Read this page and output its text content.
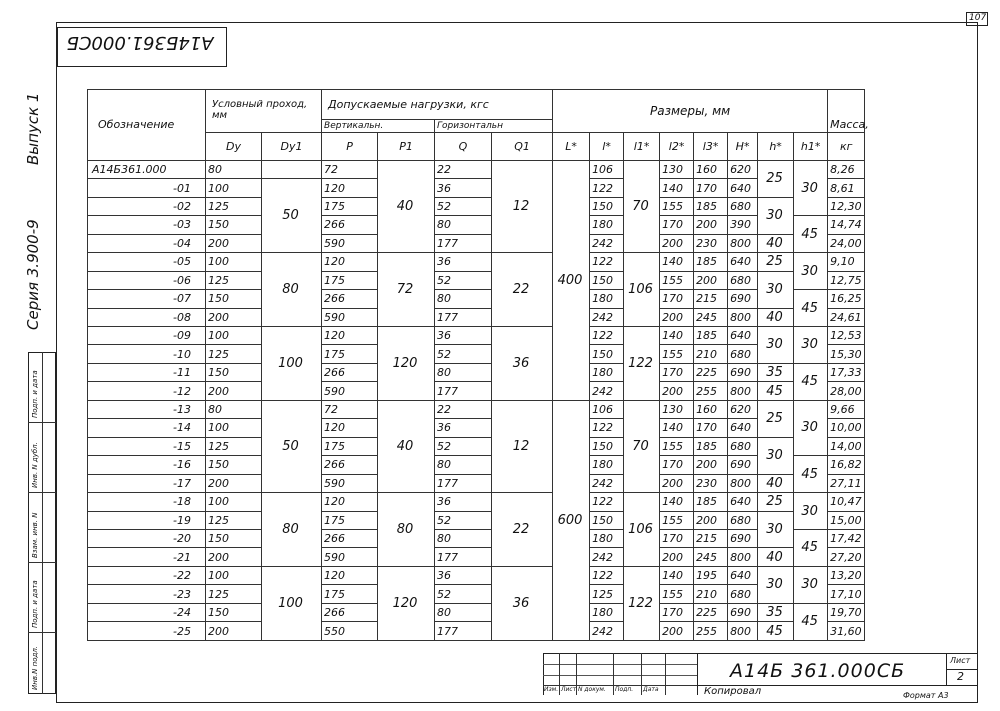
107
А14Б361.000СБ
Серия 3.900-9
Выпуск 1
Инв.N подл.
Подп. и дата
Взам. инв. N
Инв. N дубл.
Подп. и дата
Обозначение	Условный проход, мм		Допускаемые нагрузки, кгс				Размеры, мм								Масса,
			Вертикальн.		Горизонтальн										
	Dy	Dy1	P	P1	Q	Q1	L*	l*	l1*	l2*	l3*	H*	h*	h1*	кг
А14Б361.000	80		72	40	22	12	400	106	70	130	160	620	25	30	8,26
-01	100	50	120		36			122		140	170	640			8,61
-02	125		175		52			150		155	185	680	30		12,30
-03	150		266		80			180		170	200	390		45	14,74
-04	200		590		177			242		200	230	800	40		24,00
-05	100	80	120	72	36	22		122	106	140	185	640	25	30	9,10
-06	125		175		52			150		155	200	680	30		12,75
-07	150		266		80			180		170	215	690		45	16,25
-08	200		590		177			242		200	245	800	40		24,61
-09	100	100	120	120	36	36		122	122	140	185	640	30	30	12,53
-10	125		175		52			150		155	210	680			15,30
-11	150		266		80			180		170	225	690	35	45	17,33
-12	200		590		177			242		200	255	800	45		28,00
-13	80	50	72	40	22	12	600	106	70	130	160	620	25	30	9,66
-14	100		120		36			122		140	170	640			10,00
-15	125		175		52			150		155	185	680	30		14,00
-16	150		266		80			180		170	200	690		45	16,82
-17	200		590		177			242		200	230	800	40		27,11
-18	100	80	120	80	36	22		122	106	140	185	640	25	30	10,47
-19	125		175		52			150		155	200	680	30		15,00
-20	150		266		80			180		170	215	690		45	17,42
-21	200		590		177			242		200	245	800	40		27,20
-22	100	100	120	120	36	36		122	122	140	195	640	30	30	13,20
-23	125		175		52			125		155	210	680			17,10
-24	150		266		80			180		170	225	690	35	45	19,70
-25	200		550		177			242		200	255	800	45		31,60
Изм. Лист N докум. Подп. Дата
А14Б 361.000СБ	Лист
2
Копировал	Формат А3
